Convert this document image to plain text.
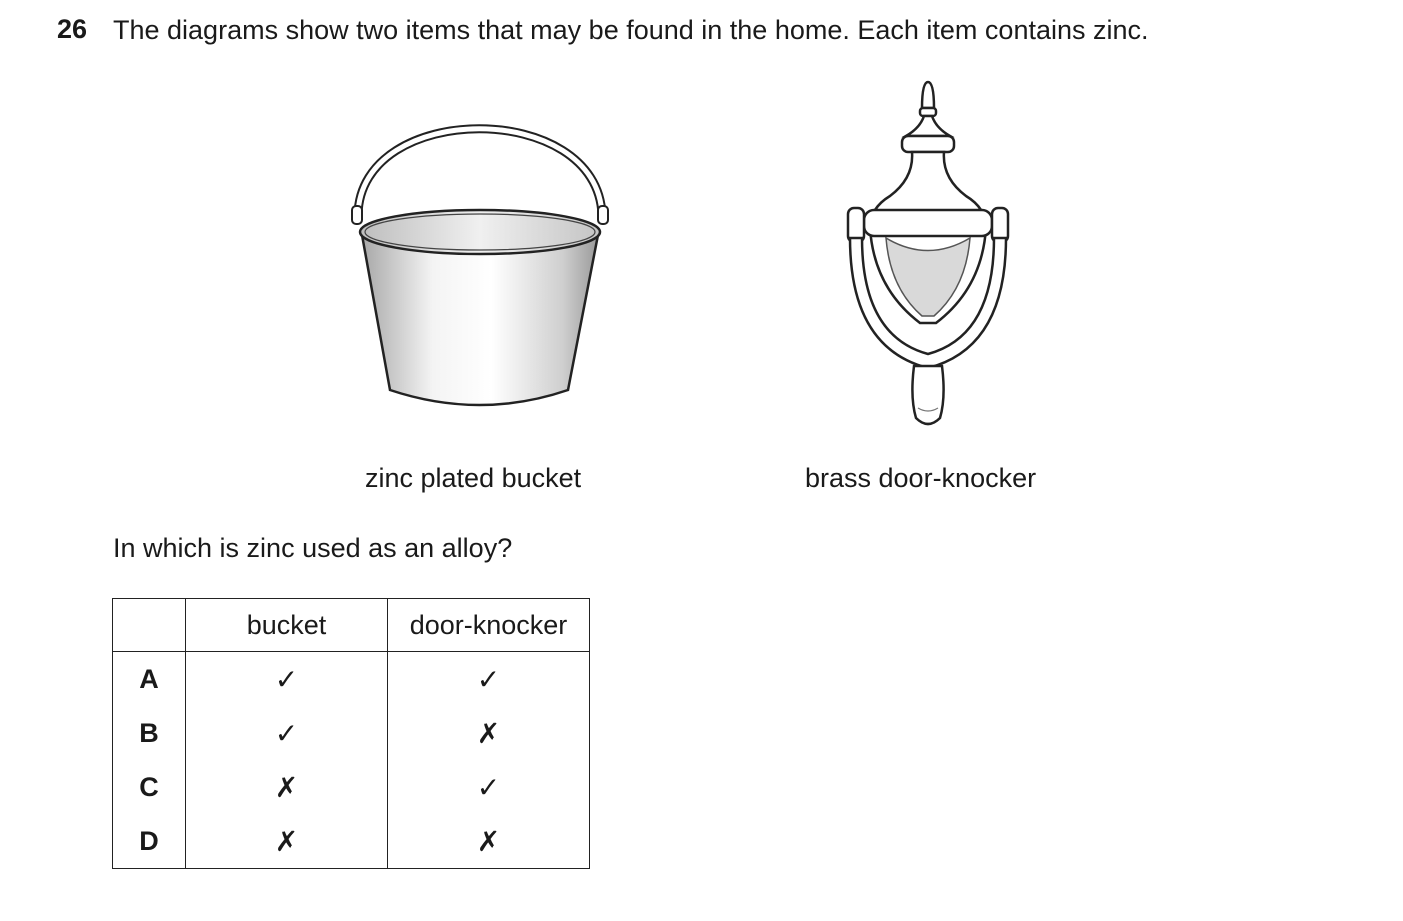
26 The diagrams show two items that may be found in the home. Each item contains zinc.
zinc plated bucket	brass door-knocker
In which is zinc used as an alloy?
	bucket	door-knocker
A	✓	✓
B	✓	✗
C	✗	✓
D	✗	✗
